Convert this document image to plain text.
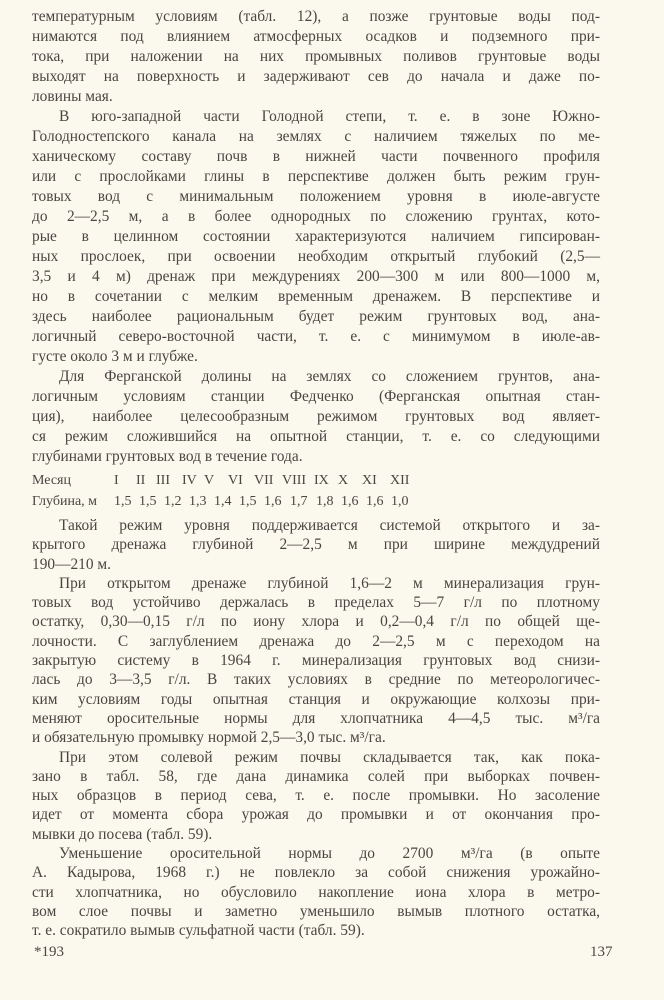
температурным условиям (табл. 12), а позже грунтовые воды под-
нимаются под влиянием атмосферных осадков и подземного при-
тока, при наложении на них промывных поливов грунтовые воды
выходят на поверхность и задерживают сев до начала и даже по-
ловины мая.
В юго-западной части Голодной степи, т. е. в зоне Южно-
Голодностепского канала на землях с наличием тяжелых по ме-
ханическому составу почв в нижней части почвенного профиля
или с прослойками глины в перспективе должен быть режим грун-
товых вод с минимальным положением уровня в июле-августе
до 2—2,5 м, а в более однородных по сложению грунтах, кото-
рые в целинном состоянии характеризуются наличием гипсирован-
ных прослоек, при освоении необходим открытый глубокий (2,5—
3,5 и 4 м) дренаж при междурениях 200—300 м или 800—1000 м,
но в сочетании с мелким временным дренажем. В перспективе и
здесь наиболее рациональным будет режим грунтовых вод, ана-
логичный северо-восточной части, т. е. с минимумом в июле-ав-
густе около 3 м и глубже.
Для Ферганской долины на землях со сложением грунтов, ана-
логичным условиям станции Федченко (Ферганская опытная стан-
ция), наиболее целесообразным режимом грунтовых вод являет-
ся режим сложившийся на опытной станции, т. е. со следующими
глубинами грунтовых вод в течение года.
Месяц	I II III IV V VI VII VIII IX X XI XII
Глубина, м 1,5 1,5 1,2 1,3 1,4 1,5 1,6 1,7 1,8 1,6 1,6 1,0
Такой режим уровня поддерживается системой открытого и за-
крытого дренажа глубиной 2—2,5 м при ширине междудрений
190—210 м.
При открытом дренаже глубиной 1,6—2 м минерализация грун-
товых вод устойчиво держалась в пределах 5—7 г/л по плотному
остатку, 0,30—0,15 г/л по иону хлора и 0,2—0,4 г/л по общей ще-
лочности. С заглублением дренажа до 2—2,5 м с переходом на
закрытую систему в 1964 г. минерализация грунтовых вод снизи-
лась до 3—3,5 г/л. В таких условиях в средние по метеорологичес-
ким условиям годы опытная станция и окружающие колхозы при-
меняют оросительные нормы для хлопчатника 4—4,5 тыс. м³/га
и обязательную промывку нормой 2,5—3,0 тыс. м³/га.
При этом солевой режим почвы складывается так, как пока-
зано в табл. 58, где дана динамика солей при выборках почвен-
ных образцов в период сева, т. е. после промывки. Но засоление
идет от момента сбора урожая до промывки и от окончания про-
мывки до посева (табл. 59).
Уменьшение оросительной нормы до 2700 м³/га (в опыте
А. Кадырова, 1968 г.) не повлекло за собой снижения урожайно-
сти хлопчатника, но обусловило накопление иона хлора в метро-
вом слое почвы и заметно уменьшило вымыв плотного остатка,
т. е. сократило вымыв сульфатной части (табл. 59).
*193	137
